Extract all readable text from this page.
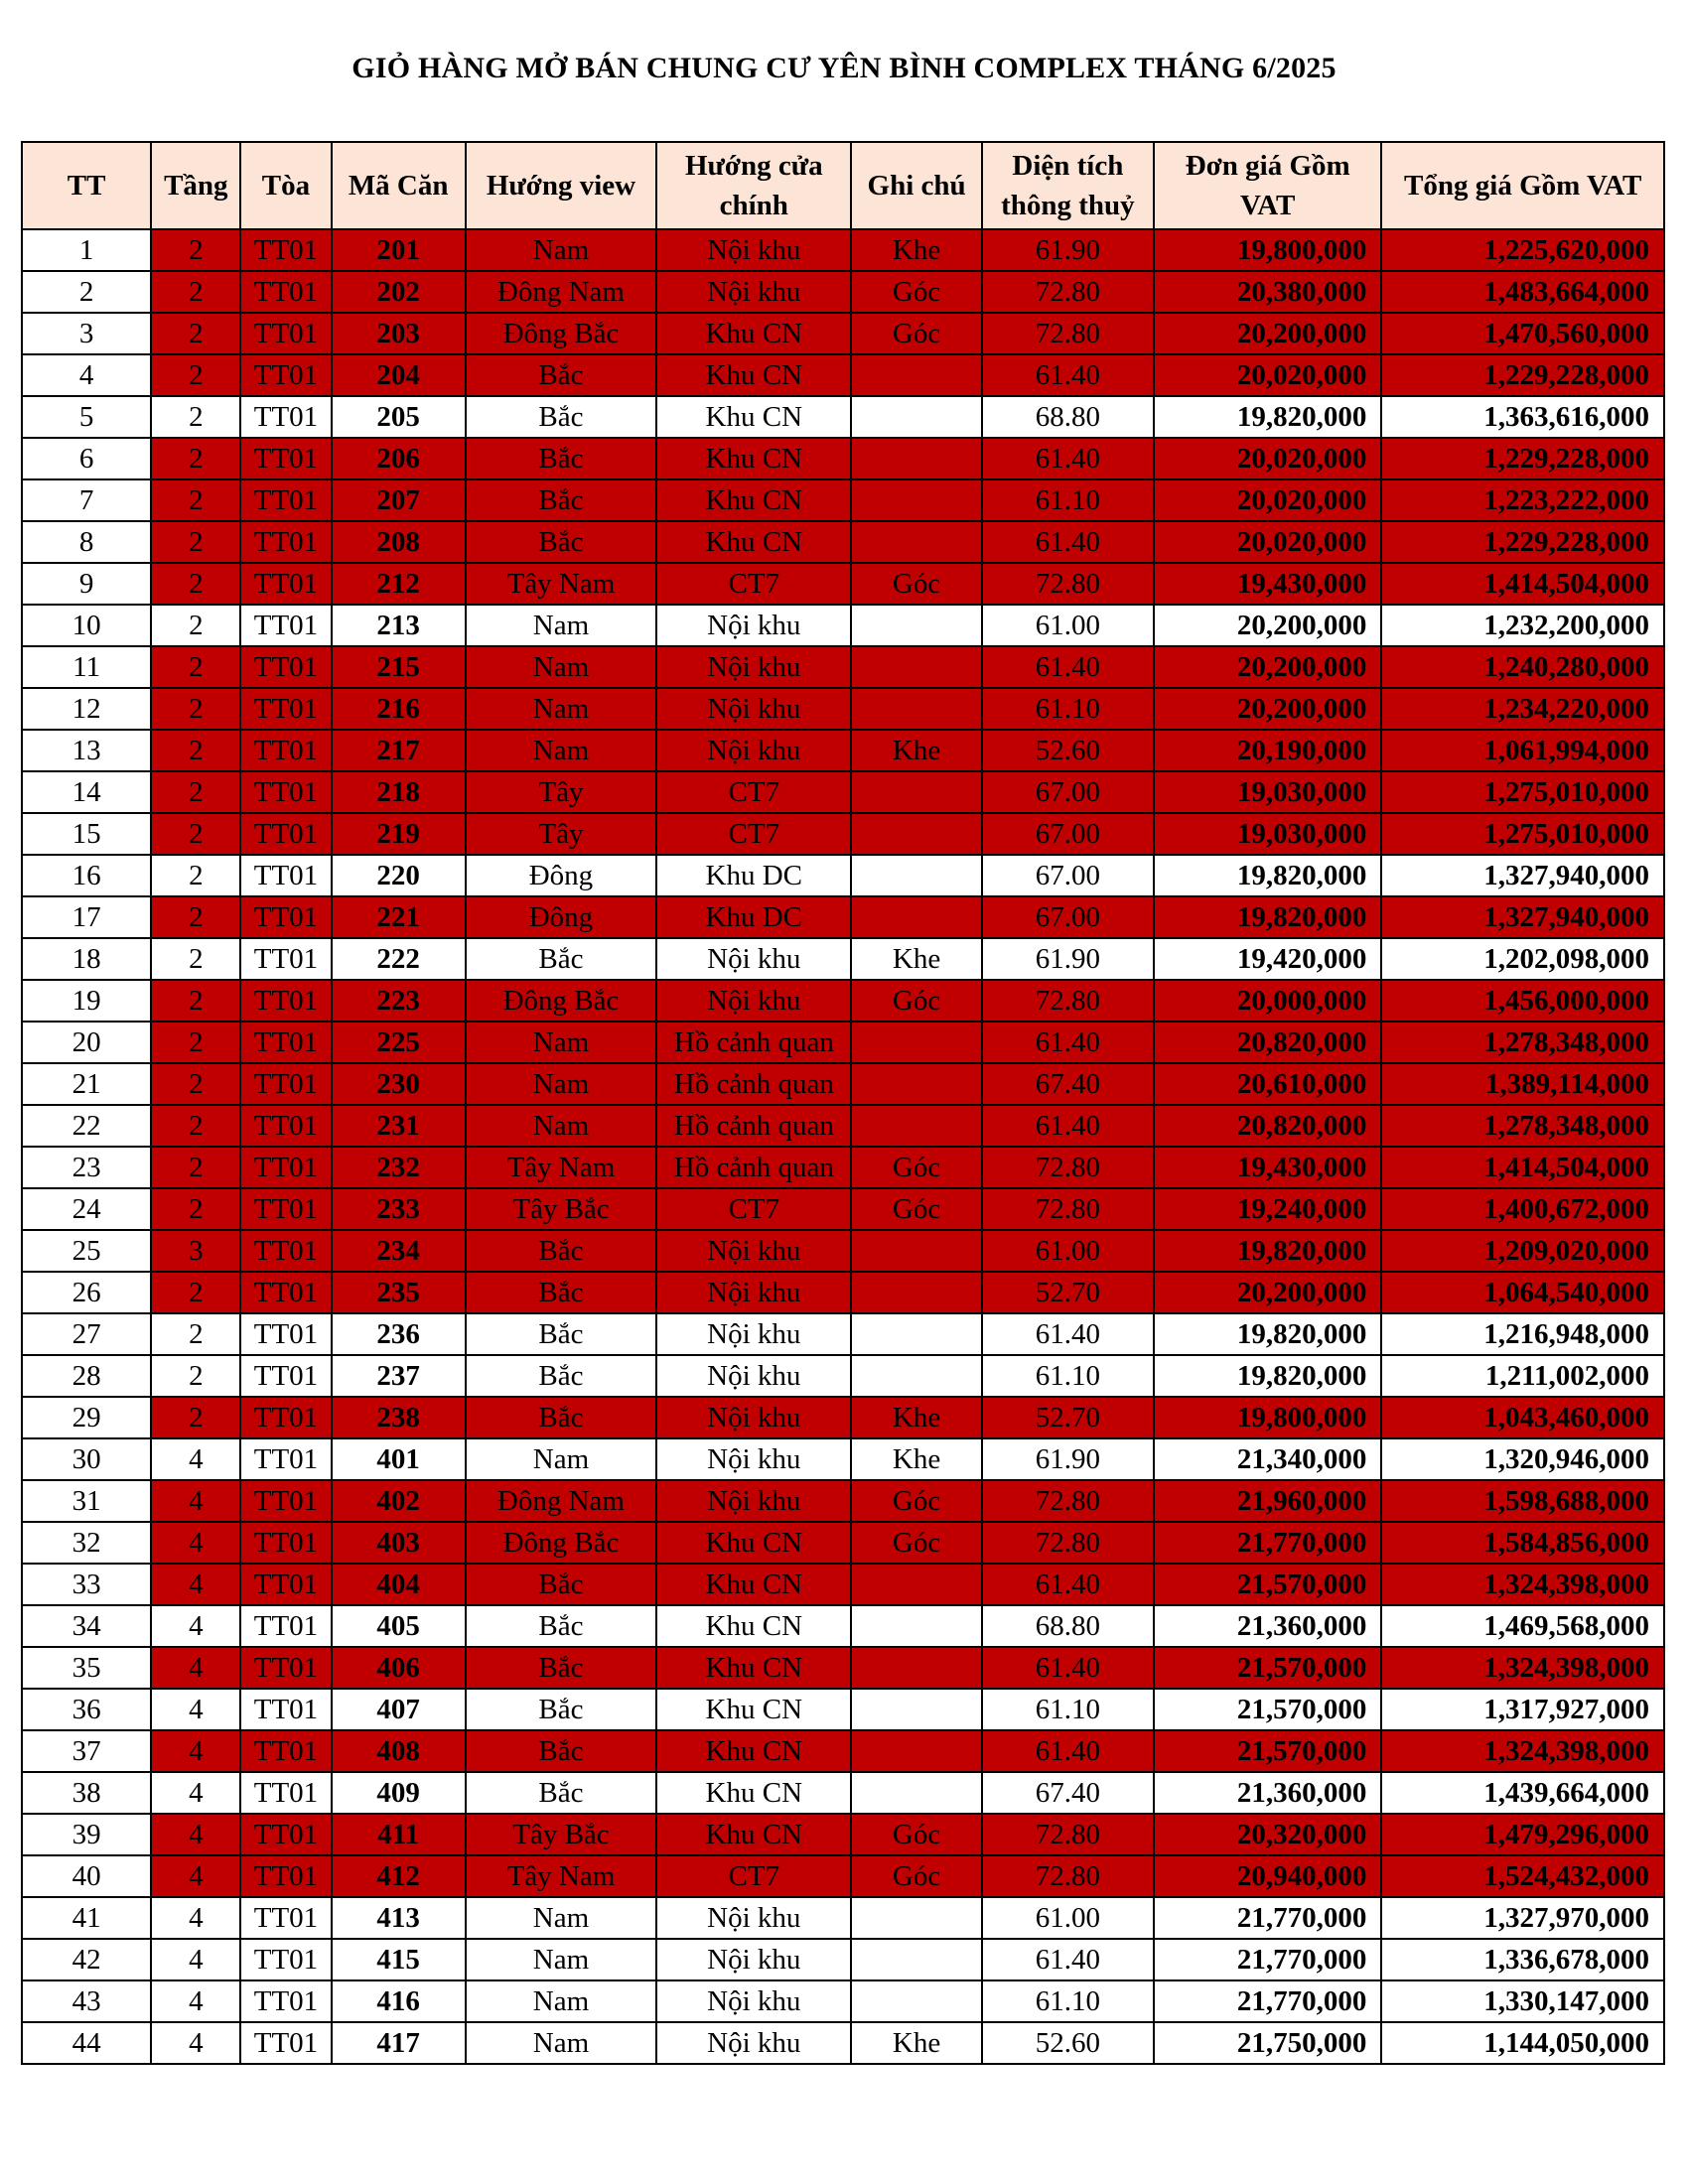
GIỎ HÀNG MỞ BÁN CHUNG CƯ YÊN BÌNH COMPLEX THÁNG 6/2025
TT	Tầng	Tòa	Mã Căn	Hướng view	Hướng cửa chính	Ghi chú	Diện tích thông thuỷ	Đơn giá Gồm VAT	Tổng giá Gồm VAT
1	2	TT01	201	Nam	Nội khu	Khe	61.90	19,800,000	1,225,620,000
2	2	TT01	202	Đông Nam	Nội khu	Góc	72.80	20,380,000	1,483,664,000
3	2	TT01	203	Đông Bắc	Khu CN	Góc	72.80	20,200,000	1,470,560,000
4	2	TT01	204	Bắc	Khu CN		61.40	20,020,000	1,229,228,000
5	2	TT01	205	Bắc	Khu CN		68.80	19,820,000	1,363,616,000
6	2	TT01	206	Bắc	Khu CN		61.40	20,020,000	1,229,228,000
7	2	TT01	207	Bắc	Khu CN		61.10	20,020,000	1,223,222,000
8	2	TT01	208	Bắc	Khu CN		61.40	20,020,000	1,229,228,000
9	2	TT01	212	Tây Nam	CT7	Góc	72.80	19,430,000	1,414,504,000
10	2	TT01	213	Nam	Nội khu		61.00	20,200,000	1,232,200,000
11	2	TT01	215	Nam	Nội khu		61.40	20,200,000	1,240,280,000
12	2	TT01	216	Nam	Nội khu		61.10	20,200,000	1,234,220,000
13	2	TT01	217	Nam	Nội khu	Khe	52.60	20,190,000	1,061,994,000
14	2	TT01	218	Tây	CT7		67.00	19,030,000	1,275,010,000
15	2	TT01	219	Tây	CT7		67.00	19,030,000	1,275,010,000
16	2	TT01	220	Đông	Khu DC		67.00	19,820,000	1,327,940,000
17	2	TT01	221	Đông	Khu DC		67.00	19,820,000	1,327,940,000
18	2	TT01	222	Bắc	Nội khu	Khe	61.90	19,420,000	1,202,098,000
19	2	TT01	223	Đông Bắc	Nội khu	Góc	72.80	20,000,000	1,456,000,000
20	2	TT01	225	Nam	Hồ cảnh quan		61.40	20,820,000	1,278,348,000
21	2	TT01	230	Nam	Hồ cảnh quan		67.40	20,610,000	1,389,114,000
22	2	TT01	231	Nam	Hồ cảnh quan		61.40	20,820,000	1,278,348,000
23	2	TT01	232	Tây Nam	Hồ cảnh quan	Góc	72.80	19,430,000	1,414,504,000
24	2	TT01	233	Tây Bắc	CT7	Góc	72.80	19,240,000	1,400,672,000
25	3	TT01	234	Bắc	Nội khu		61.00	19,820,000	1,209,020,000
26	2	TT01	235	Bắc	Nội khu		52.70	20,200,000	1,064,540,000
27	2	TT01	236	Bắc	Nội khu		61.40	19,820,000	1,216,948,000
28	2	TT01	237	Bắc	Nội khu		61.10	19,820,000	1,211,002,000
29	2	TT01	238	Bắc	Nội khu	Khe	52.70	19,800,000	1,043,460,000
30	4	TT01	401	Nam	Nội khu	Khe	61.90	21,340,000	1,320,946,000
31	4	TT01	402	Đông Nam	Nội khu	Góc	72.80	21,960,000	1,598,688,000
32	4	TT01	403	Đông Bắc	Khu CN	Góc	72.80	21,770,000	1,584,856,000
33	4	TT01	404	Bắc	Khu CN		61.40	21,570,000	1,324,398,000
34	4	TT01	405	Bắc	Khu CN		68.80	21,360,000	1,469,568,000
35	4	TT01	406	Bắc	Khu CN		61.40	21,570,000	1,324,398,000
36	4	TT01	407	Bắc	Khu CN		61.10	21,570,000	1,317,927,000
37	4	TT01	408	Bắc	Khu CN		61.40	21,570,000	1,324,398,000
38	4	TT01	409	Bắc	Khu CN		67.40	21,360,000	1,439,664,000
39	4	TT01	411	Tây Bắc	Khu CN	Góc	72.80	20,320,000	1,479,296,000
40	4	TT01	412	Tây Nam	CT7	Góc	72.80	20,940,000	1,524,432,000
41	4	TT01	413	Nam	Nội khu		61.00	21,770,000	1,327,970,000
42	4	TT01	415	Nam	Nội khu		61.40	21,770,000	1,336,678,000
43	4	TT01	416	Nam	Nội khu		61.10	21,770,000	1,330,147,000
44	4	TT01	417	Nam	Nội khu	Khe	52.60	21,750,000	1,144,050,000
